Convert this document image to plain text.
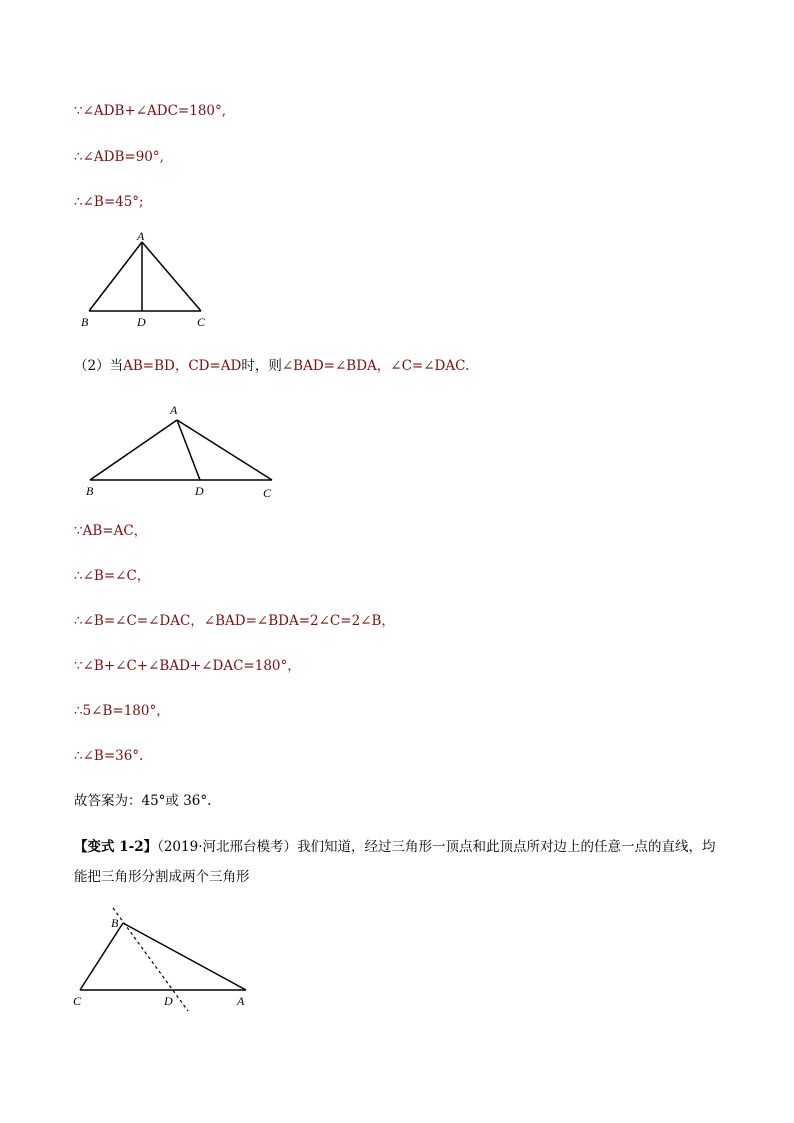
∵∠ADB+∠ADC=180°,
∴∠ADB=90°,
∴∠B=45°;
A
B	D	C
（2）当AB=BD，CD=AD时，则∠BAD=∠BDA，∠C=∠DAC.
A
B	D	C
∵AB=AC，
∴∠B=∠C，
∴∠B=∠C=∠DAC，∠BAD=∠BDA=2∠C=2∠B，
∵∠B+∠C+∠BAD+∠DAC=180°，
∴5∠B=180°，
∴∠B=36°.
故答案为：45°或 36°.
【变式 1-2】（2019·河北邢台模考）我们知道，经过三角形一顶点和此顶点所对边上的任意一点的直线，均
能把三角形分割成两个三角形
B
C	D	A
